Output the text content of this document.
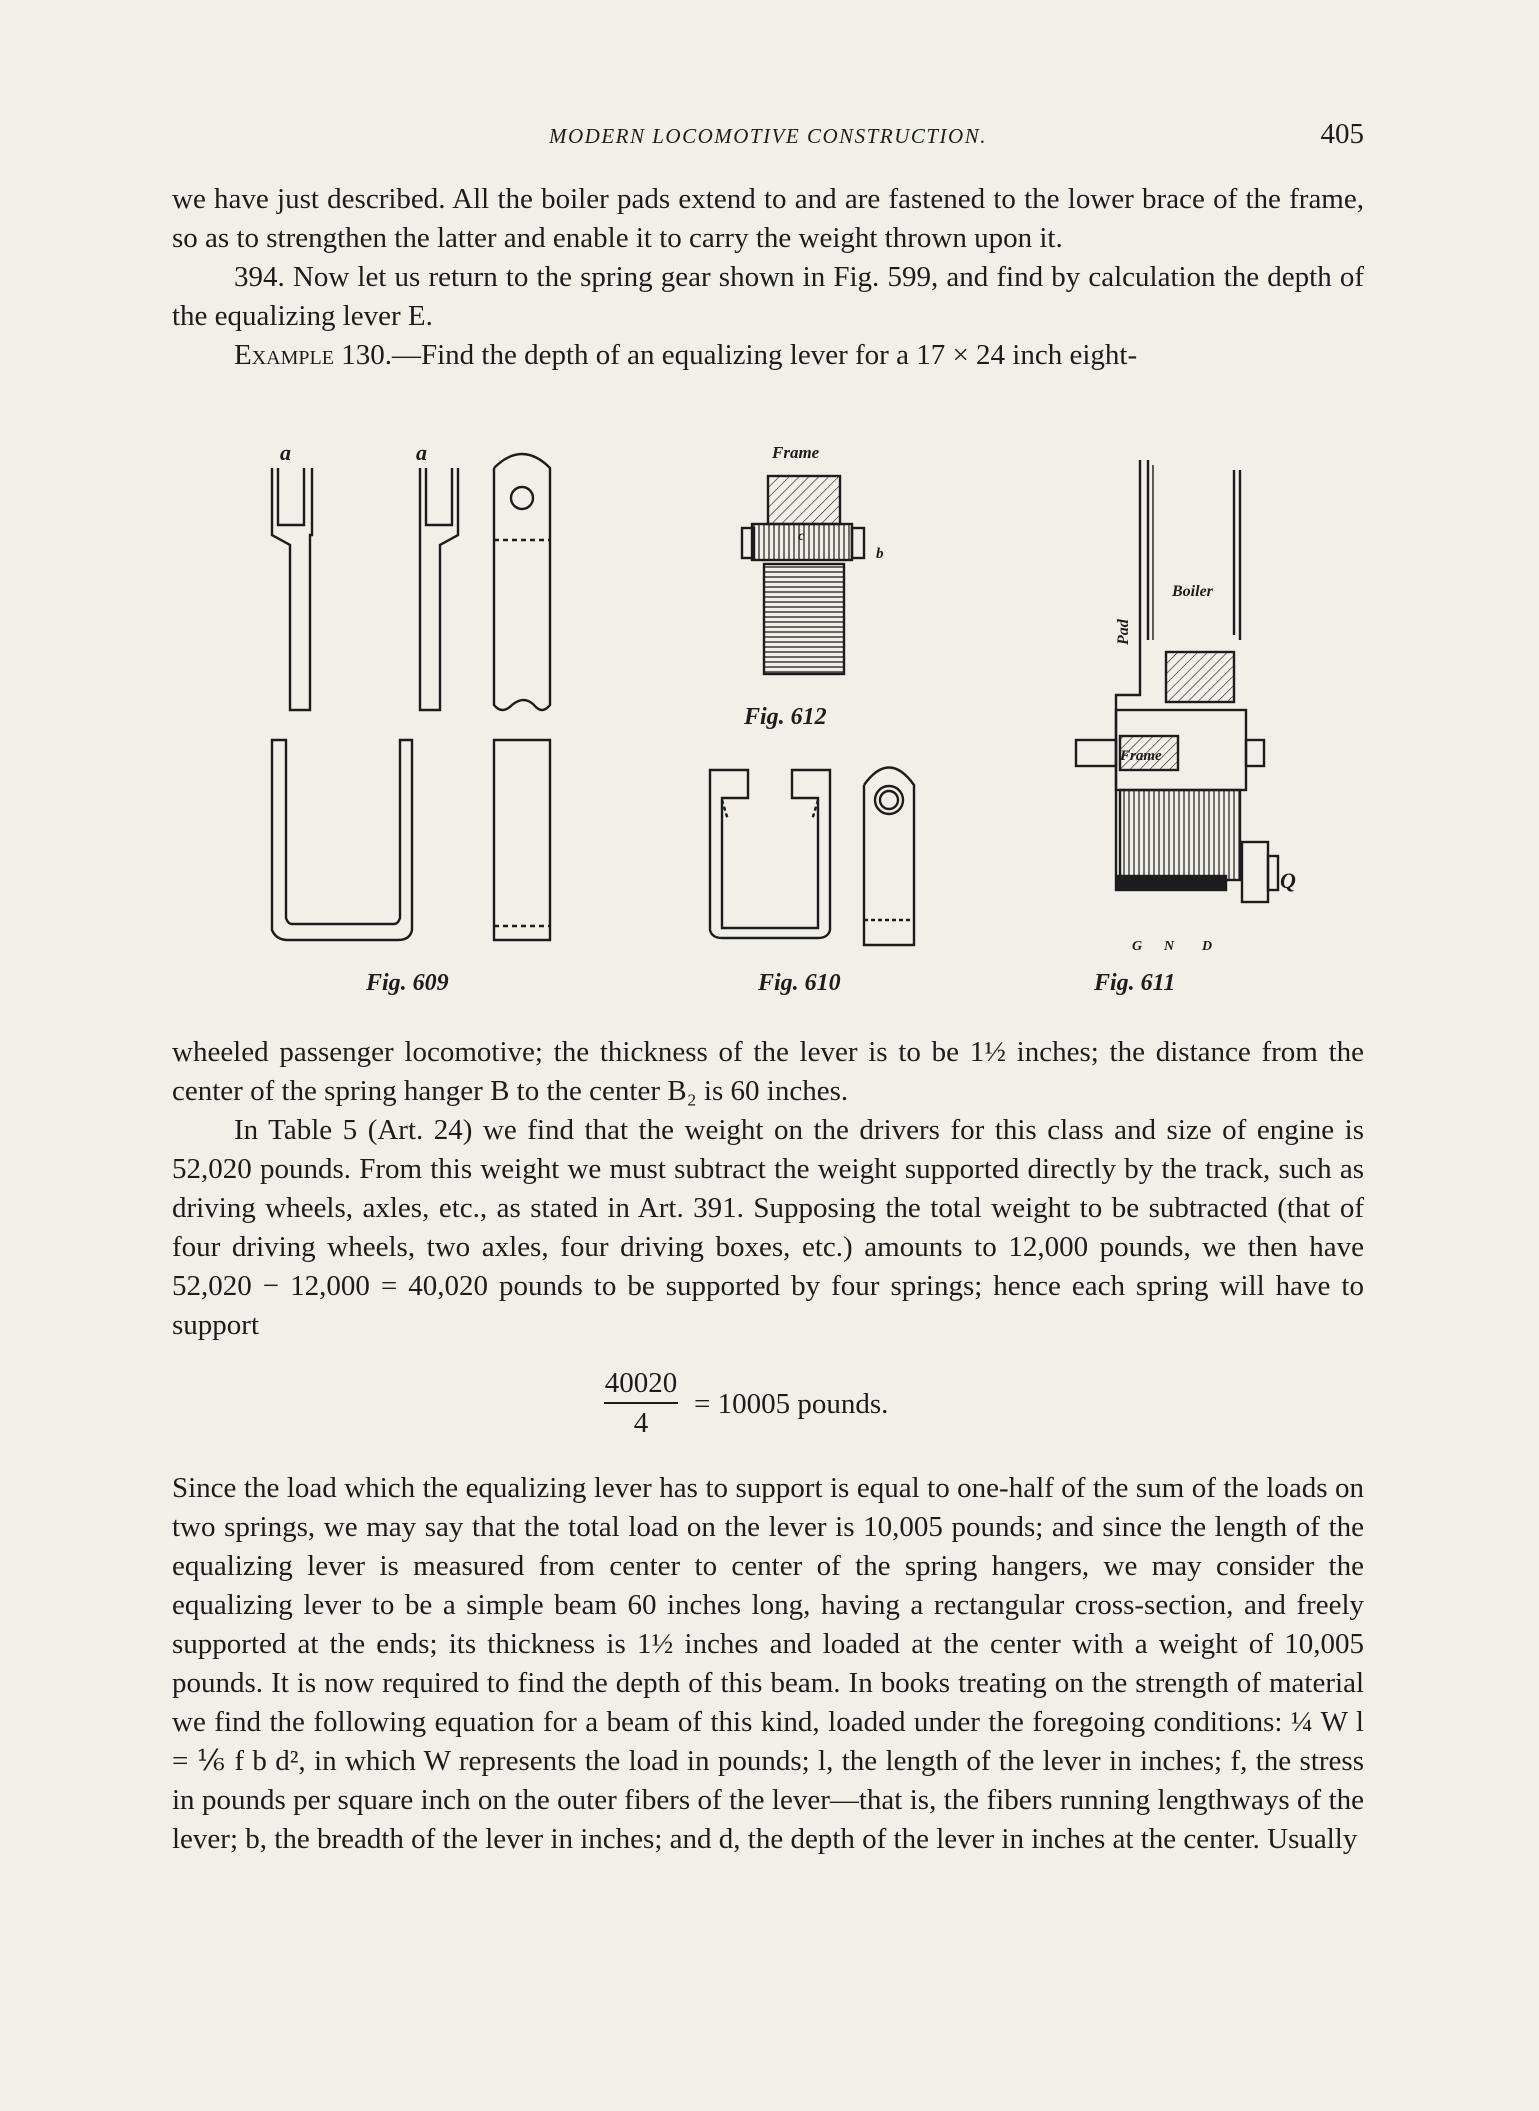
MODERN LOCOMOTIVE CONSTRUCTION.	405

we have just described. All the boiler pads extend to and are fastened to the lower brace of the frame, so as to strengthen the latter and enable it to carry the weight thrown upon it.

394. Now let us return to the spring gear shown in Fig. 599, and find by calculation the depth of the equalizing lever E.

Example 130.—Find the depth of an equalizing lever for a 17 × 24 inch eight-

a	a
Fig. 609	Fig. 610
Frame
c
b
Fig. 612
Boiler
Pad
Frame
Q
G N D
Fig. 611

wheeled passenger locomotive; the thickness of the lever is to be 1½ inches; the distance from the center of the spring hanger B to the center B₂ is 60 inches.

In Table 5 (Art. 24) we find that the weight on the drivers for this class and size of engine is 52,020 pounds. From this weight we must subtract the weight supported directly by the track, such as driving wheels, axles, etc., as stated in Art. 391. Supposing the total weight to be subtracted (that of four driving wheels, two axles, four driving boxes, etc.) amounts to 12,000 pounds, we then have 52,020 − 12,000 = 40,020 pounds to be supported by four springs; hence each spring will have to support

40020
4
= 10005 pounds.

Since the load which the equalizing lever has to support is equal to one-half of the sum of the loads on two springs, we may say that the total load on the lever is 10,005 pounds; and since the length of the equalizing lever is measured from center to center of the spring hangers, we may consider the equalizing lever to be a simple beam 60 inches long, having a rectangular cross-section, and freely supported at the ends; its thickness is 1½ inches and loaded at the center with a weight of 10,005 pounds. It is now required to find the depth of this beam. In books treating on the strength of material we find the following equation for a beam of this kind, loaded under the foregoing conditions: ¼ W l = ⅙ f b d², in which W represents the load in pounds; l, the length of the lever in inches; f, the stress in pounds per square inch on the outer fibers of the lever—that is, the fibers running lengthways of the lever; b, the breadth of the lever in inches; and d, the depth of the lever in inches at the center. Usually
